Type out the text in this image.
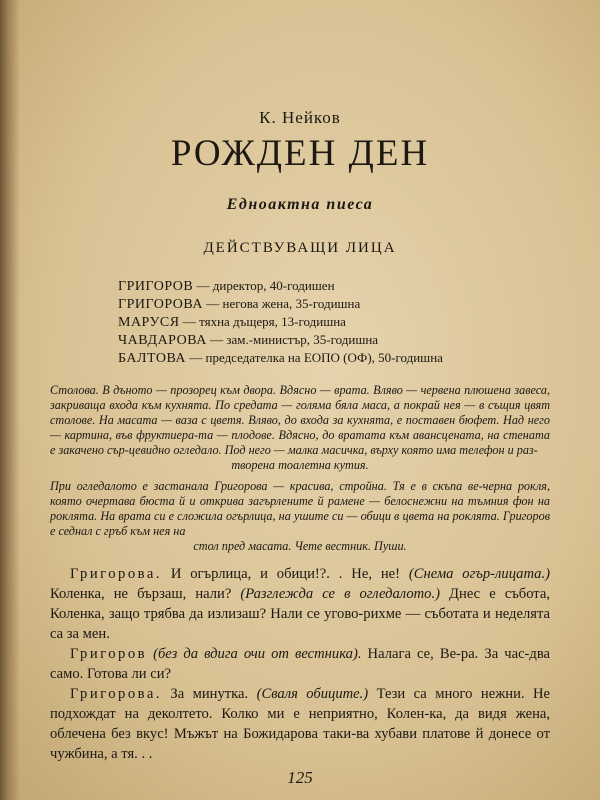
К. Нейков
РОЖДЕН ДЕН
Едноактна пиеса
ДЕЙСТВУВАЩИ ЛИЦА
ГРИГОРОВ — директор, 40-годишен
ГРИГОРОВА — негова жена, 35-годишна
МАРУСЯ — тяхна дъщеря, 13-годишна
ЧАВДАРОВА — зам.-министър, 35-годишна
БАЛТОВА — председателка на ЕОПО (ОФ), 50-годишна
Столова. В дъното — прозорец към двора. Вдясно — врата. Вляво — червена плюшена завеса, закриваща входа към кухнята. По средата — голяма бяла маса, а покрай нея — в същия цвят столове. На масата — ваза с цветя. Вляво, до входа за кухнята, е поставен бюфет. Над него — картина, във фруктиера-та — плодове. Вдясно, до вратата към авансцената, на стената е закачено сър-цевидно огледало. Под него — малка масичка, върху която има телефон и раз-
творена тоалетна кутия.
При огледалото е застанала Григорова — красива, стройна. Тя е в скъпа ве-черна рокля, която очертава бюста й и открива загърлените й рамене — белоснежни на тъмния фон на роклята. На врата си е сложила огърлица, на ушите си — обици в цвета на роклята. Григоров е седнал с гръб към нея на
стол пред масата. Чете вестник. Пуши.

Григорова. И огърлица, и обици!?. . Не, не! (Снема огър-лицата.) Коленка, не бързаш, нали? (Разглежда се в огледалото.) Днес е събота, Коленка, защо трябва да излизаш? Нали се угово-рихме — съботата и неделята са за мен.

Григоров (без да вдига очи от вестника). Налага се, Ве-ра. За час-два само. Готова ли си?

Григорова. За минутка. (Сваля обиците.) Тези са много нежни. Не подхождат на деколтето. Колко ми е неприятно, Колен-ка, да видя жена, облечена без вкус! Мъжът на Божидарова таки-ва хубави платове й донесе от чужбина, а тя. . .

125
